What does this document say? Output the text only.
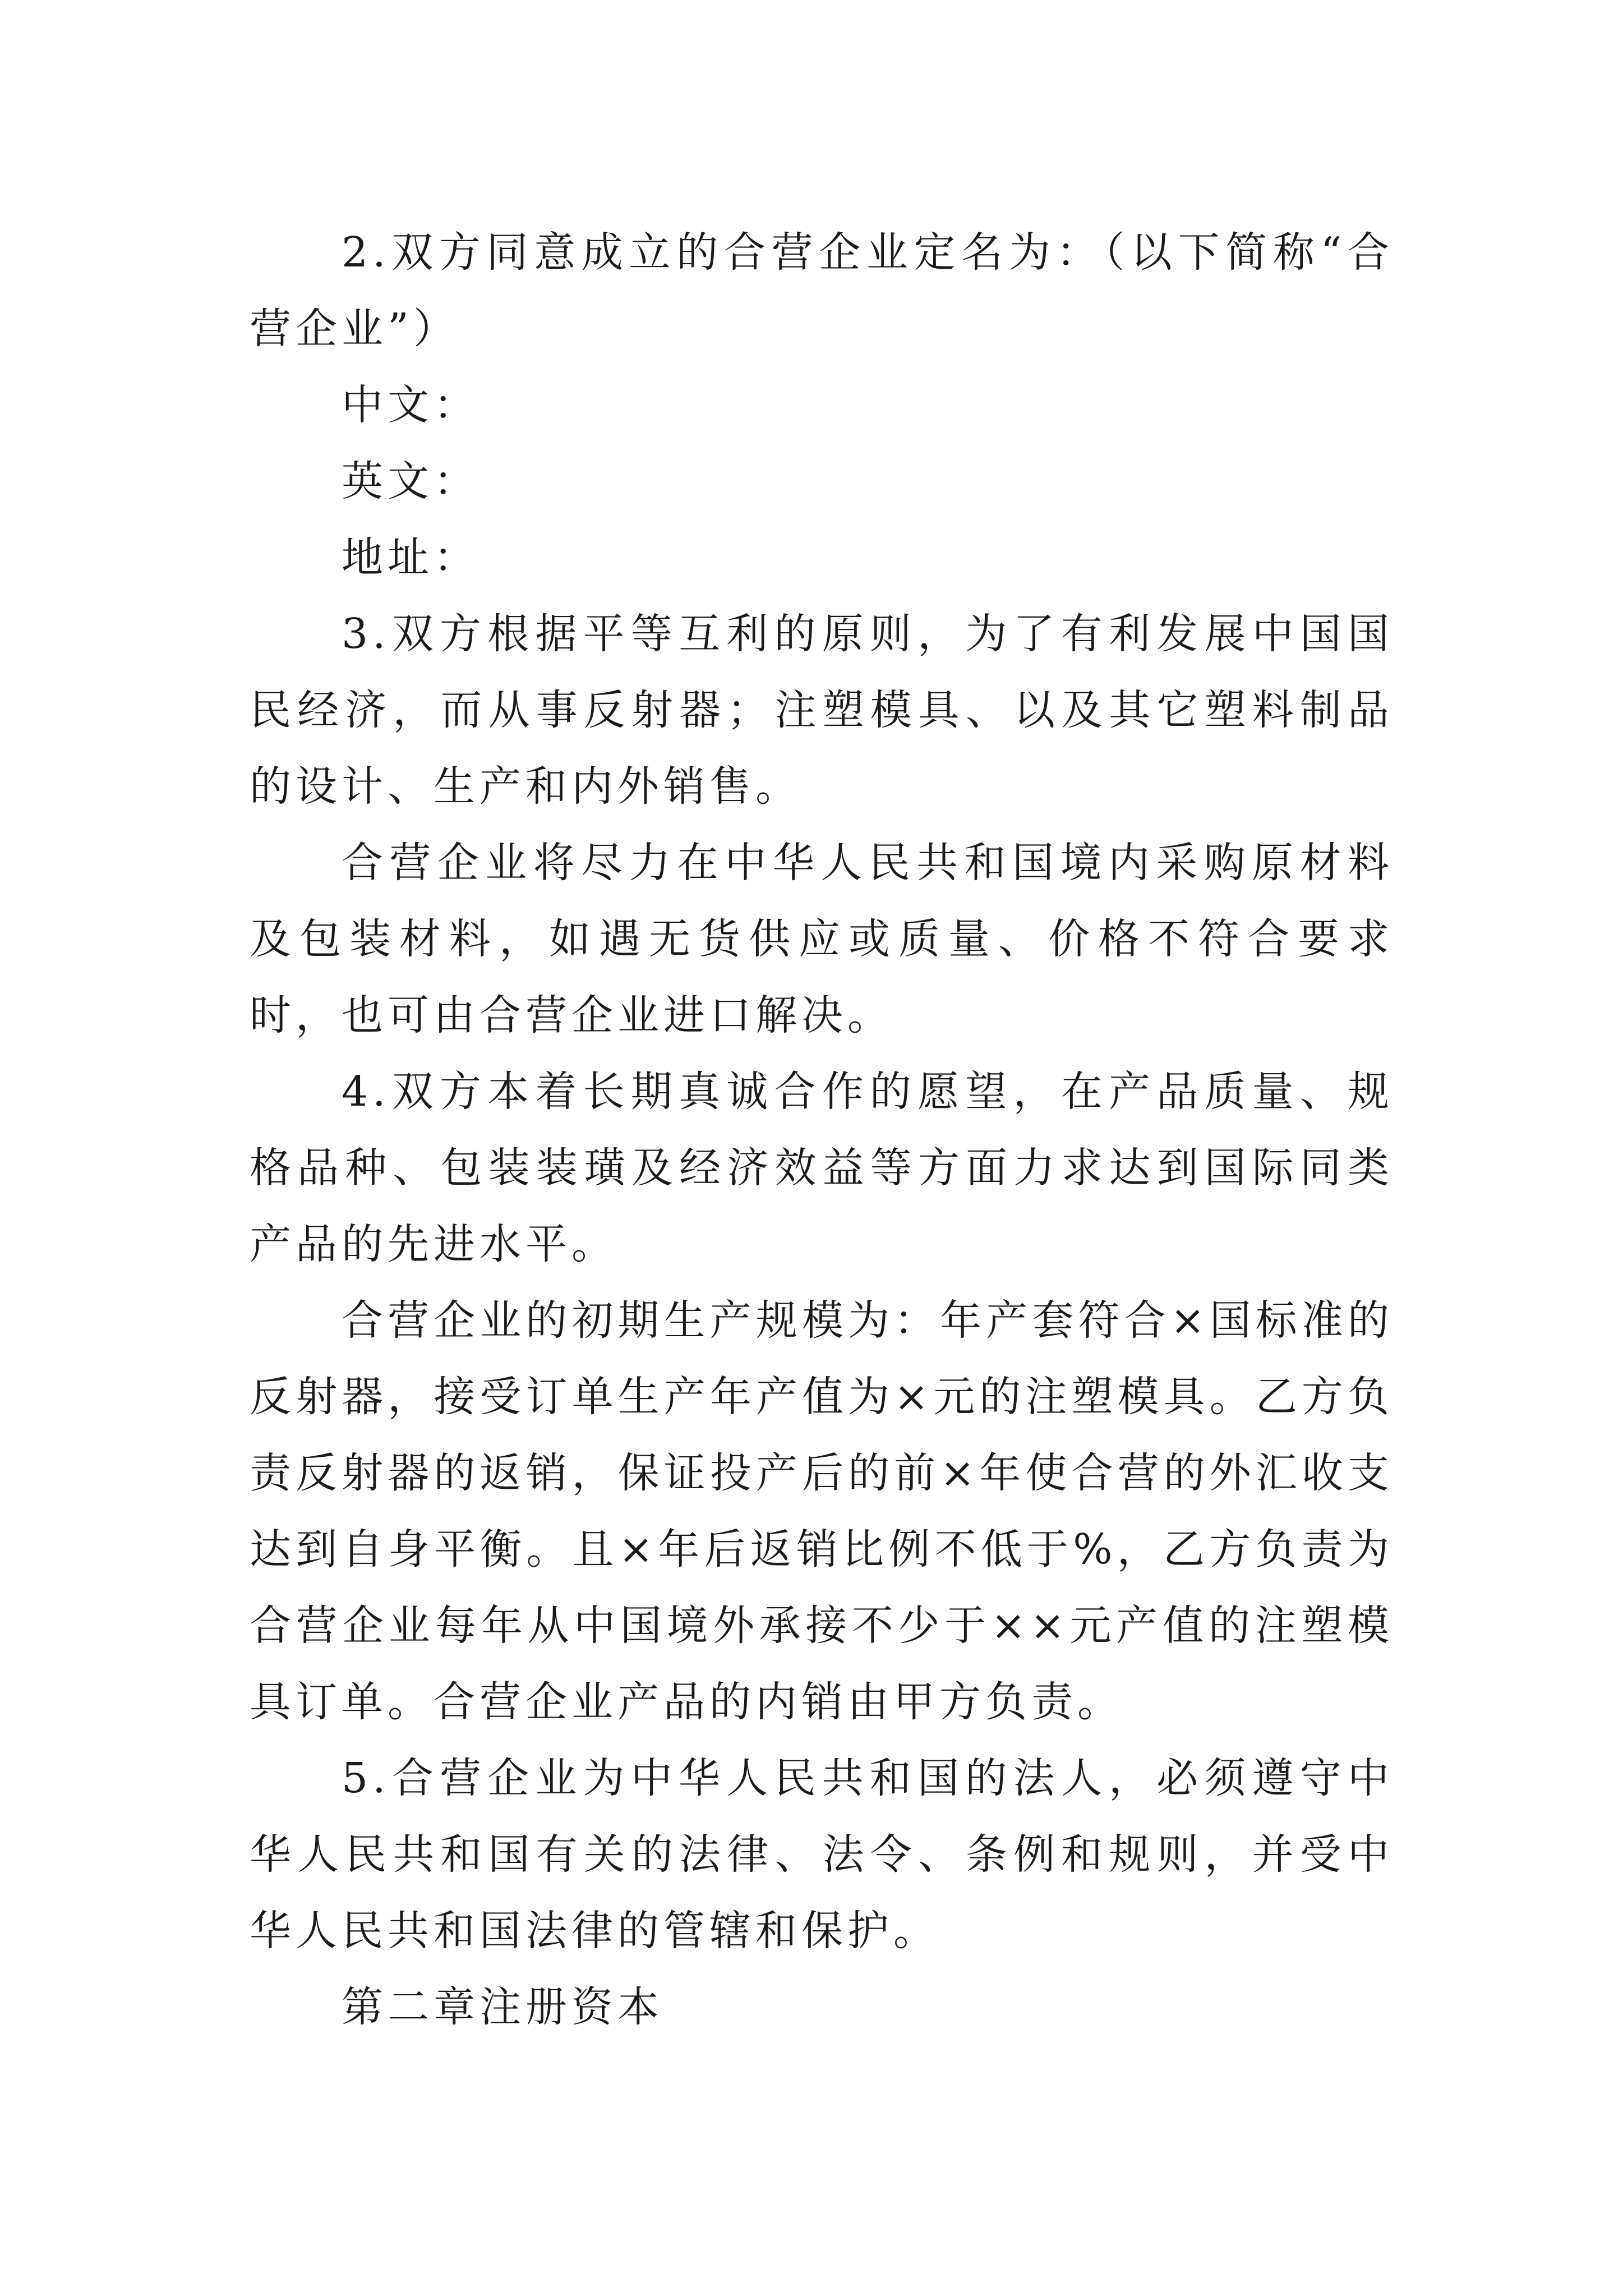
2.双方同意成立的合营企业定名为：（以下简称“合营企业”）

中文：

英文：

地址：

3.双方根据平等互利的原则，为了有利发展中国国民经济，而从事反射器；注塑模具、以及其它塑料制品的设计、生产和内外销售。

合营企业将尽力在中华人民共和国境内采购原材料及包装材料，如遇无货供应或质量、价格不符合要求时，也可由合营企业进口解决。

4.双方本着长期真诚合作的愿望，在产品质量、规格品种、包装装璜及经济效益等方面力求达到国际同类产品的先进水平。

合营企业的初期生产规模为：年产套符合×国标准的反射器，接受订单生产年产值为×元的注塑模具。乙方负责反射器的返销，保证投产后的前×年使合营的外汇收支达到自身平衡。且×年后返销比例不低于%，乙方负责为合营企业每年从中国境外承接不少于××元产值的注塑模具订单。合营企业产品的内销由甲方负责。

5.合营企业为中华人民共和国的法人，必须遵守中华人民共和国有关的法律、法令、条例和规则，并受中华人民共和国法律的管辖和保护。

第二章注册资本
